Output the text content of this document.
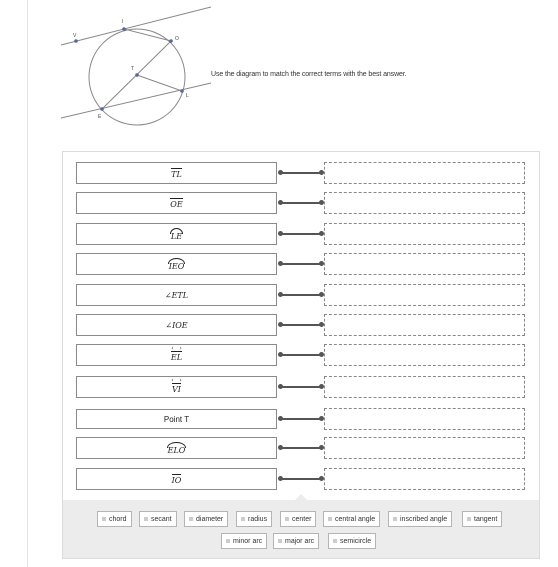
V
I
O
T
L
E
Use the diagram to match the correct terms with the best answer.
TL
OE
LE
IEO
∠ETL
∠IOE
EL ‹   ›
VI ‹   ›
Point T
ELO
IO
chord	secant	diameter	radius	center	central angle	inscribed angle	tangent
minor arc	major arc	semicircle
